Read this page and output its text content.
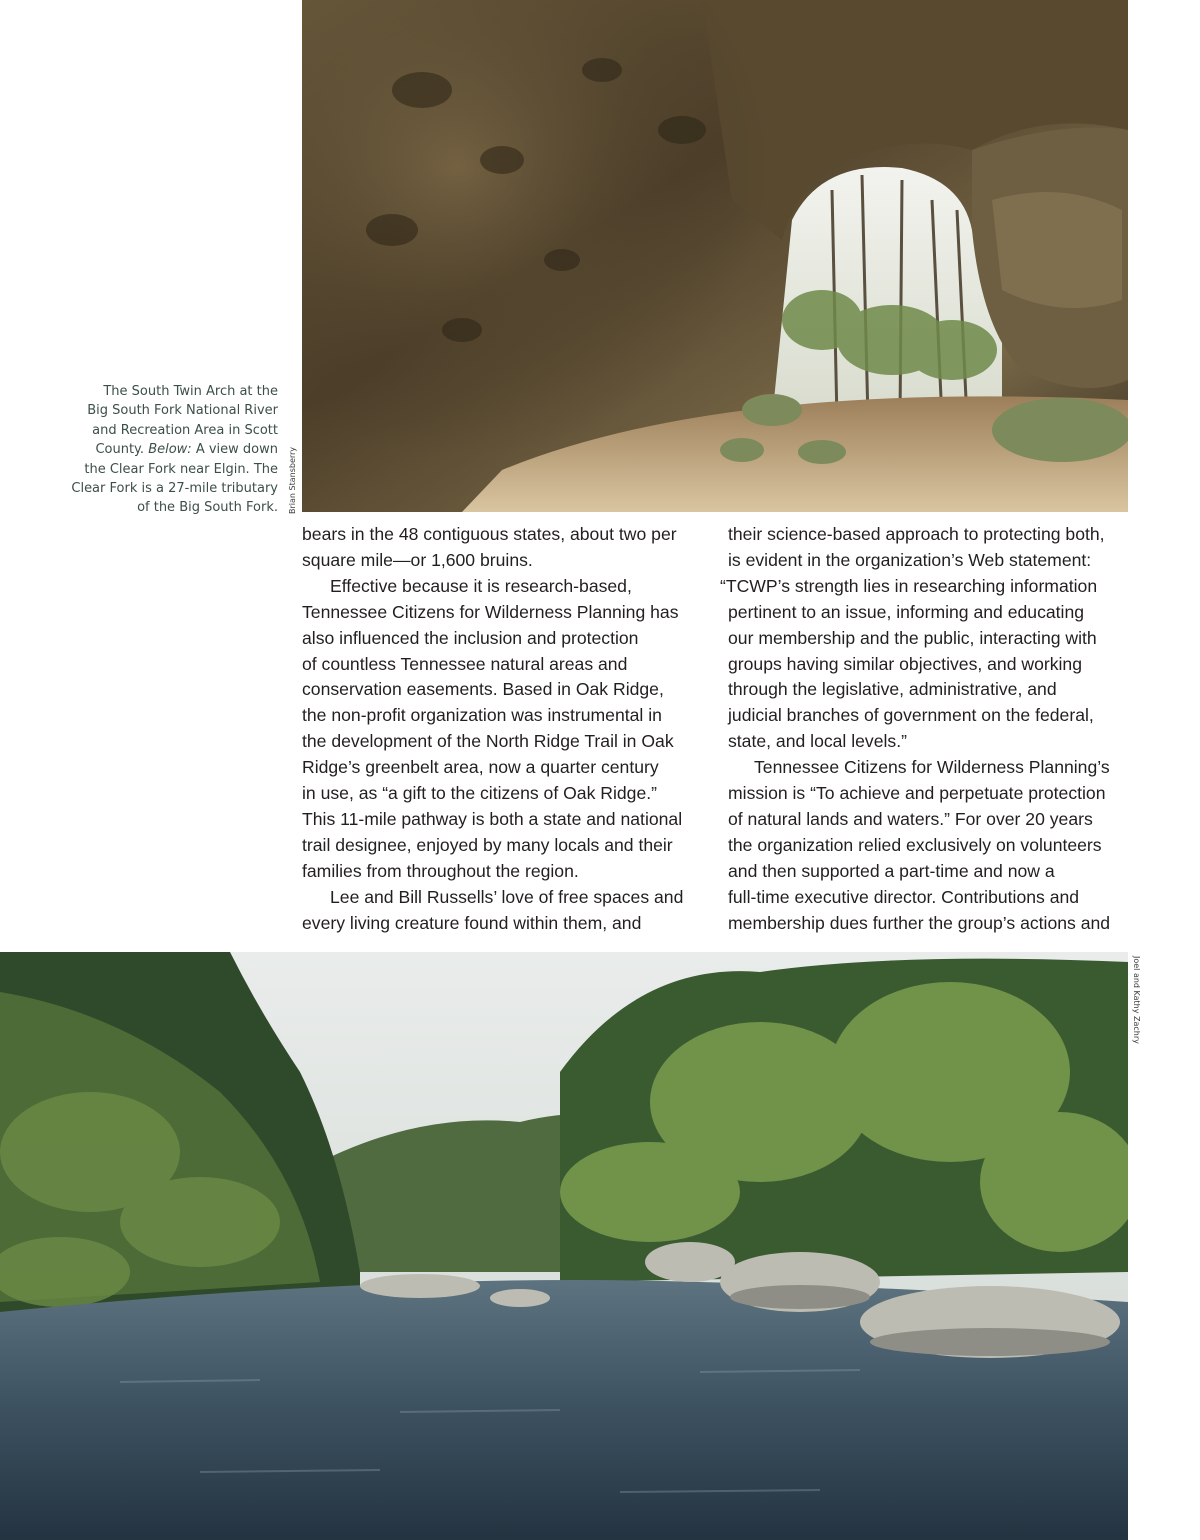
Brian Stansberry
The South Twin Arch at the
Big South Fork National River
and Recreation Area in Scott
County. Below: A view down
the Clear Fork near Elgin. The
Clear Fork is a 27-mile tributary
of the Big South Fork.
bears in the 48 contiguous states, about two per
square mile—or 1,600 bruins.
Effective because it is research-based,
Tennessee Citizens for Wilderness Planning has
also influenced the inclusion and protection
of countless Tennessee natural areas and
conservation easements. Based in Oak Ridge,
the non-profit organization was instrumental in
the development of the North Ridge Trail in Oak
Ridge’s greenbelt area, now a quarter century
in use, as “a gift to the citizens of Oak Ridge.”
This 11-mile pathway is both a state and national
trail designee, enjoyed by many locals and their
families from throughout the region.
Lee and Bill Russells’ love of free spaces and
every living creature found within them, and
their science-based approach to protecting both,
is evident in the organization’s Web statement:
“TCWP’s strength lies in researching information
pertinent to an issue, informing and educating
our membership and the public, interacting with
groups having similar objectives, and working
through the legislative, administrative, and
judicial branches of government on the federal,
state, and local levels.”
Tennessee Citizens for Wilderness Planning’s
mission is “To achieve and perpetuate protection
of natural lands and waters.” For over 20 years
the organization relied exclusively on volunteers
and then supported a part-time and now a
full-time executive director. Contributions and
membership dues further the group’s actions and
Joel and Kathy Zachry
